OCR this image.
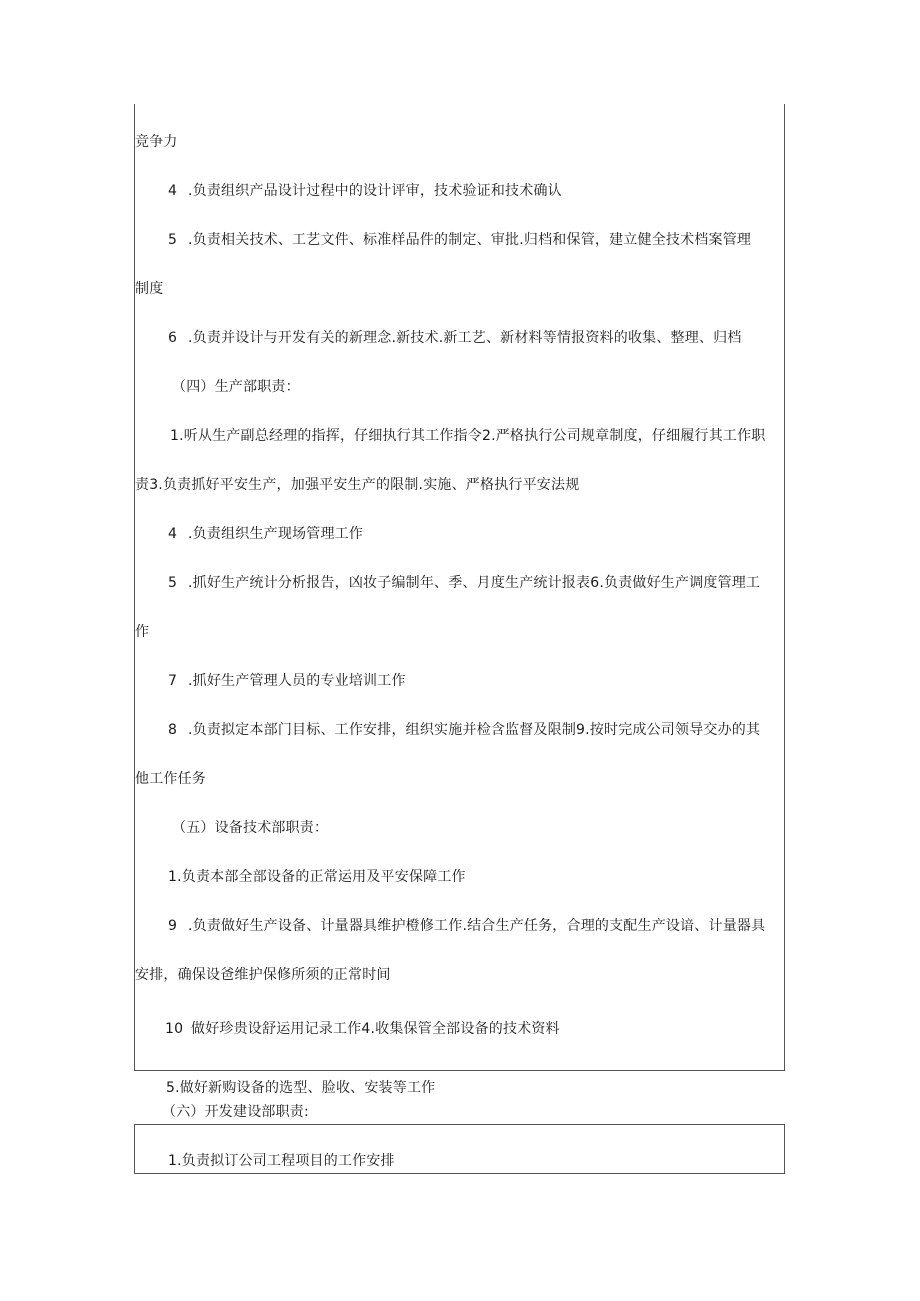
竞争力
4 .负责组织产品设计过程中的设计评审，技术验证和技术确认
5 .负责相关技术、工艺文件、标准样品件的制定、审批.归档和保管，建立健全技术档案管理
制度
6 .负责并设计与开发有关的新理念.新技术.新工艺、新材料等情报资料的收集、整理、归档
（四）生产部职责：
1.听从生产副总经理的指挥，仔细执行其工作指令2.严格执行公司规章制度，仔细履行其工作职
责3.负责抓好平安生产，加强平安生产的限制.实施、严格执行平安法规
4 .负责组织生产现场管理工作
5 .抓好生产统计分析报告，凶妆子编制年、季、月度生产统计报表6.负责做好生产调度管理工
作
7 .抓好生产管理人员的专业培训工作
8 .负责拟定本部门目标、工作安排，组织实施并检含监督及限制9.按时完成公司领导交办的其
他工作任务
（五）设备技术部职责：
1.负责本部全部设备的正常运用及平安保障工作
9 .负责做好生产设备、计量器具维护橙修工作.结合生产任务，合理的支配生产设谙、计量器具
安排，确保设爸维护保修所须的正常时间
10 做好珍贵设舒运用记录工作4.收集保管全部设备的技术资料
5.做好新购设备的选型、脸收、安装等工作
（六）开发建设部职责:
1.负责拟订公司工程项目的工作安排
